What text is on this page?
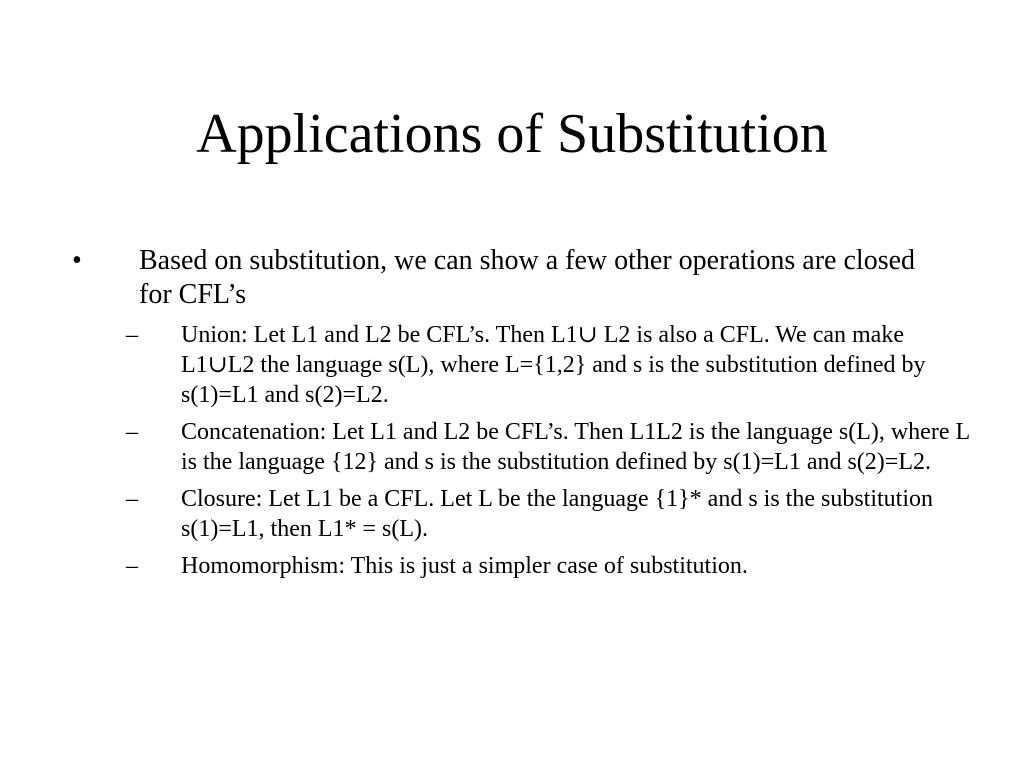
Applications of Substitution
• Based on substitution, we can show a few other operations are closed for CFL’s
– Union: Let L1 and L2 be CFL’s. Then L1∪ L2 is also a CFL. We can make L1∪L2 the language s(L), where L={1,2} and s is the substitution defined by s(1)=L1 and s(2)=L2.
– Concatenation: Let L1 and L2 be CFL’s. Then L1L2 is the language s(L), where L is the language {12} and s is the substitution defined by s(1)=L1 and s(2)=L2.
– Closure: Let L1 be a CFL. Let L be the language {1}* and s is the substitution s(1)=L1, then L1* = s(L).
– Homomorphism: This is just a simpler case of substitution.
